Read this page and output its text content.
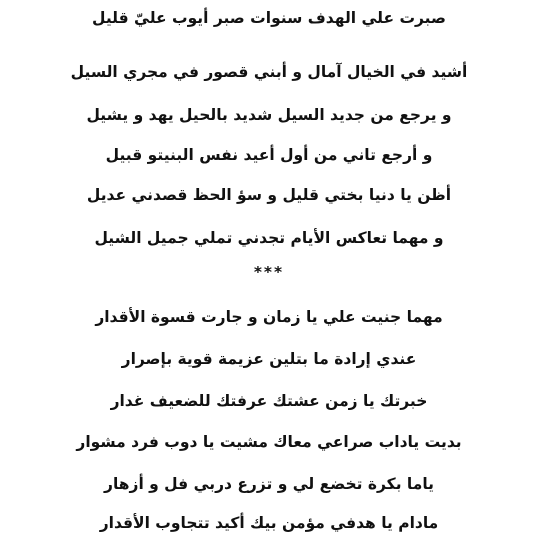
صبرت علي الهدف سنوات صبر أيوب عليّ قليل
أشيد في الخيال آمال و أبني قصور في مجري السيل
و يرجع من جديد السيل شديد بالحيل يهد و يشيل
و أرجع تاني من أول أعيد نفس البنيتو قبيل
أظن يا دنيا بختي قليل و سؤ الحظ قصدني عديل
و مهما تعاكس الأيام تجدني تملي جميل الشيل
***
مهما جنيت علي يا زمان و جارت قسوة الأقدار
عندي إرادة ما بتلين عزيمة قوية بإصرار
خبرتك يا زمن عشتك عرفتك للضعيف غدار
بديت ياداب صراعي معاك مشيت يا دوب فرد مشوار
ياما بكرة تخضع لي و تزرع دربي فل و أزهار
مادام يا هدفي مؤمن بيك أكيد تتجاوب الأقدار
